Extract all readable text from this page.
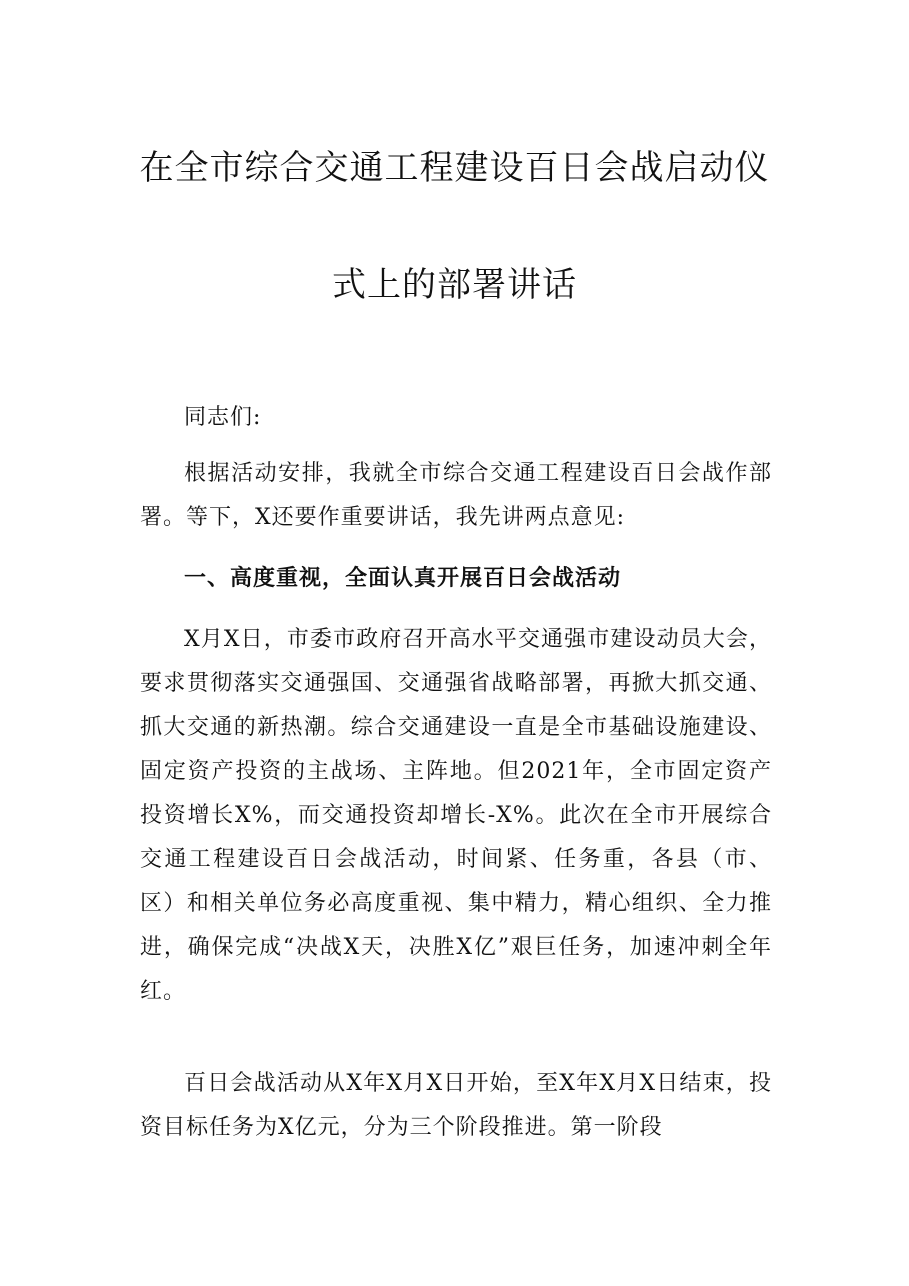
在全市综合交通工程建设百日会战启动仪
式上的部署讲话

同志们:

根据活动安排，我就全市综合交通工程建设百日会战作部署。等下，X还要作重要讲话，我先讲两点意见:

一、高度重视，全面认真开展百日会战活动

X月X日，市委市政府召开高水平交通强市建设动员大会，要求贯彻落实交通强国、交通强省战略部署，再掀大抓交通、抓大交通的新热潮。综合交通建设一直是全市基础设施建设、固定资产投资的主战场、主阵地。但2021年，全市固定资产投资增长X%，而交通投资却增长-X%。此次在全市开展综合交通工程建设百日会战活动，时间紧、任务重，各县（市、区）和相关单位务必高度重视、集中精力，精心组织、全力推进，确保完成“决战X天，决胜X亿”艰巨任务，加速冲刺全年红。

百日会战活动从X年X月X日开始，至X年X月X日结束，投资目标任务为X亿元，分为三个阶段推进。第一阶段
